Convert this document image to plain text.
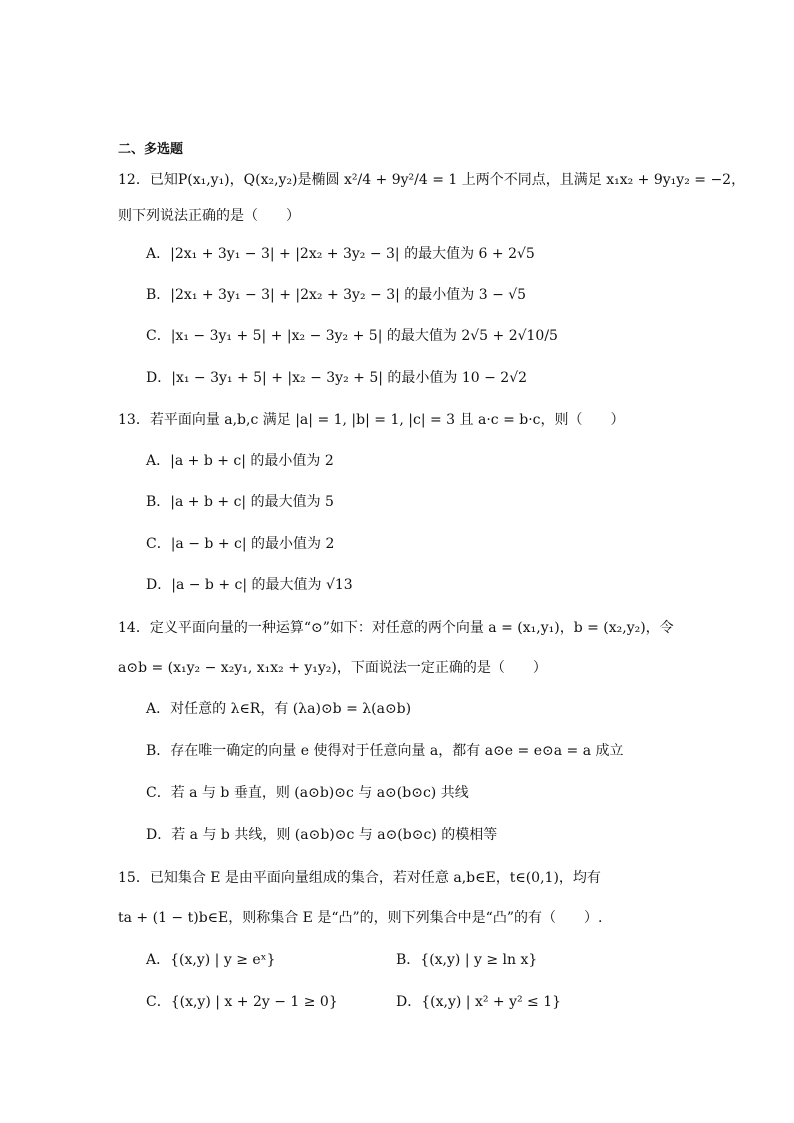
二、多选题
12．已知P(x₁,y₁)，Q(x₂,y₂)是椭圆 x²/4 + 9y²/4 = 1 上两个不同点，且满足 x₁x₂ + 9y₁y₂ = −2，
则下列说法正确的是（　　）
A．|2x₁ + 3y₁ − 3| + |2x₂ + 3y₂ − 3| 的最大值为 6 + 2√5
B．|2x₁ + 3y₁ − 3| + |2x₂ + 3y₂ − 3| 的最小值为 3 − √5
C．|x₁ − 3y₁ + 5| + |x₂ − 3y₂ + 5| 的最大值为 2√5 + 2√10/5
D．|x₁ − 3y₁ + 5| + |x₂ − 3y₂ + 5| 的最小值为 10 − 2√2
13．若平面向量 a,b,c 满足 |a| = 1, |b| = 1, |c| = 3 且 a·c = b·c，则（　　）
A．|a + b + c| 的最小值为 2
B．|a + b + c| 的最大值为 5
C．|a − b + c| 的最小值为 2
D．|a − b + c| 的最大值为 √13
14．定义平面向量的一种运算“⊙”如下：对任意的两个向量 a = (x₁,y₁)，b = (x₂,y₂)，令
a⊙b = (x₁y₂ − x₂y₁, x₁x₂ + y₁y₂)，下面说法一定正确的是（　　）
A．对任意的 λ∈R，有 (λa)⊙b = λ(a⊙b)
B．存在唯一确定的向量 e 使得对于任意向量 a，都有 a⊙e = e⊙a = a 成立
C．若 a 与 b 垂直，则 (a⊙b)⊙c 与 a⊙(b⊙c) 共线
D．若 a 与 b 共线，则 (a⊙b)⊙c 与 a⊙(b⊙c) 的模相等
15．已知集合 E 是由平面向量组成的集合，若对任意 a,b∈E，t∈(0,1)，均有
ta + (1 − t)b∈E，则称集合 E 是“凸”的，则下列集合中是“凸”的有（　　）.
A．{(x,y) | y ≥ eˣ}	B．{(x,y) | y ≥ ln x}
C．{(x,y) | x + 2y − 1 ≥ 0}	D．{(x,y) | x² + y² ≤ 1}
